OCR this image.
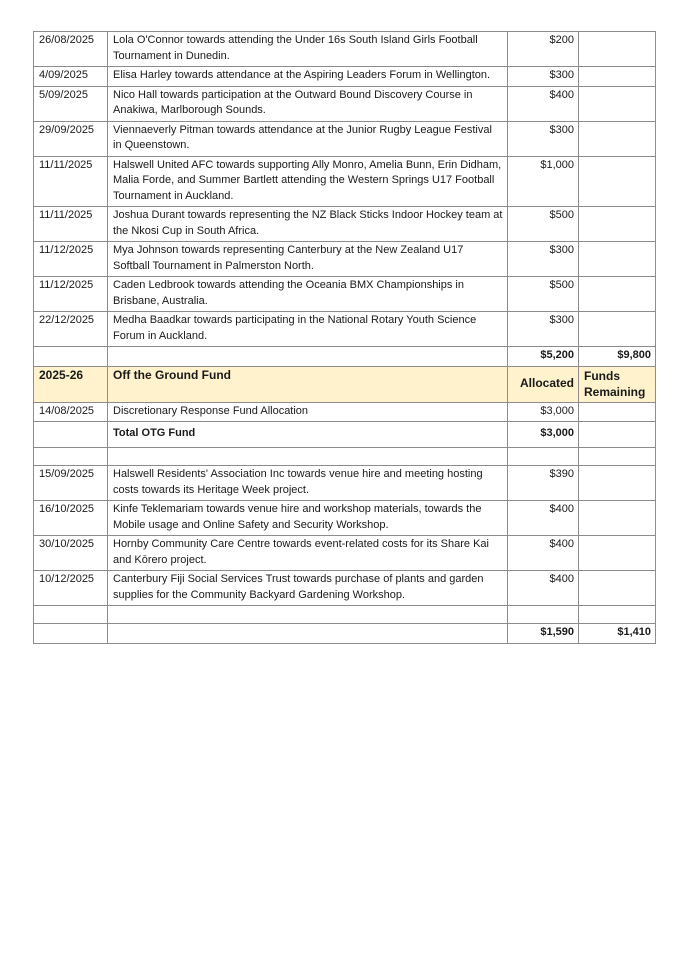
26/08/2025	Lola O'Connor towards attending the Under 16s South Island Girls Football Tournament in Dunedin.	$200	
4/09/2025	Elisa Harley towards attendance at the Aspiring Leaders Forum in Wellington.	$300	
5/09/2025	Nico Hall towards participation at the Outward Bound Discovery Course in Anakiwa, Marlborough Sounds.	$400	
29/09/2025	Viennaeverly Pitman towards attendance at the Junior Rugby League Festival in Queenstown.	$300	
11/11/2025	Halswell United AFC towards supporting Ally Monro, Amelia Bunn, Erin Didham, Malia Forde, and Summer Bartlett attending the Western Springs U17 Football Tournament in Auckland.	$1,000	
11/11/2025	Joshua Durant towards representing the NZ Black Sticks Indoor Hockey team at the Nkosi Cup in South Africa.	$500	
11/12/2025	Mya Johnson towards representing Canterbury at the New Zealand U17 Softball Tournament in Palmerston North.	$300	
11/12/2025	Caden Ledbrook towards attending the Oceania BMX Championships in Brisbane, Australia.	$500	
22/12/2025	Medha Baadkar towards participating in the National Rotary Youth Science Forum in Auckland.	$300	
		$5,200	$9,800
2025-26	Off the Ground Fund	Allocated	Funds Remaining
14/08/2025	Discretionary Response Fund Allocation	$3,000	
	Total OTG Fund	$3,000	

15/09/2025	Halswell Residents' Association Inc towards venue hire and meeting hosting costs towards its Heritage Week project.	$390	
16/10/2025	Kinfe Teklemariam towards venue hire and workshop materials, towards the Mobile usage and Online Safety and Security Workshop.	$400	
30/10/2025	Hornby Community Care Centre towards event-related costs for its Share Kai and Kōrero project.	$400	
10/12/2025	Canterbury Fiji Social Services Trust towards purchase of plants and garden supplies for the Community Backyard Gardening Workshop.	$400	

		$1,590	$1,410
